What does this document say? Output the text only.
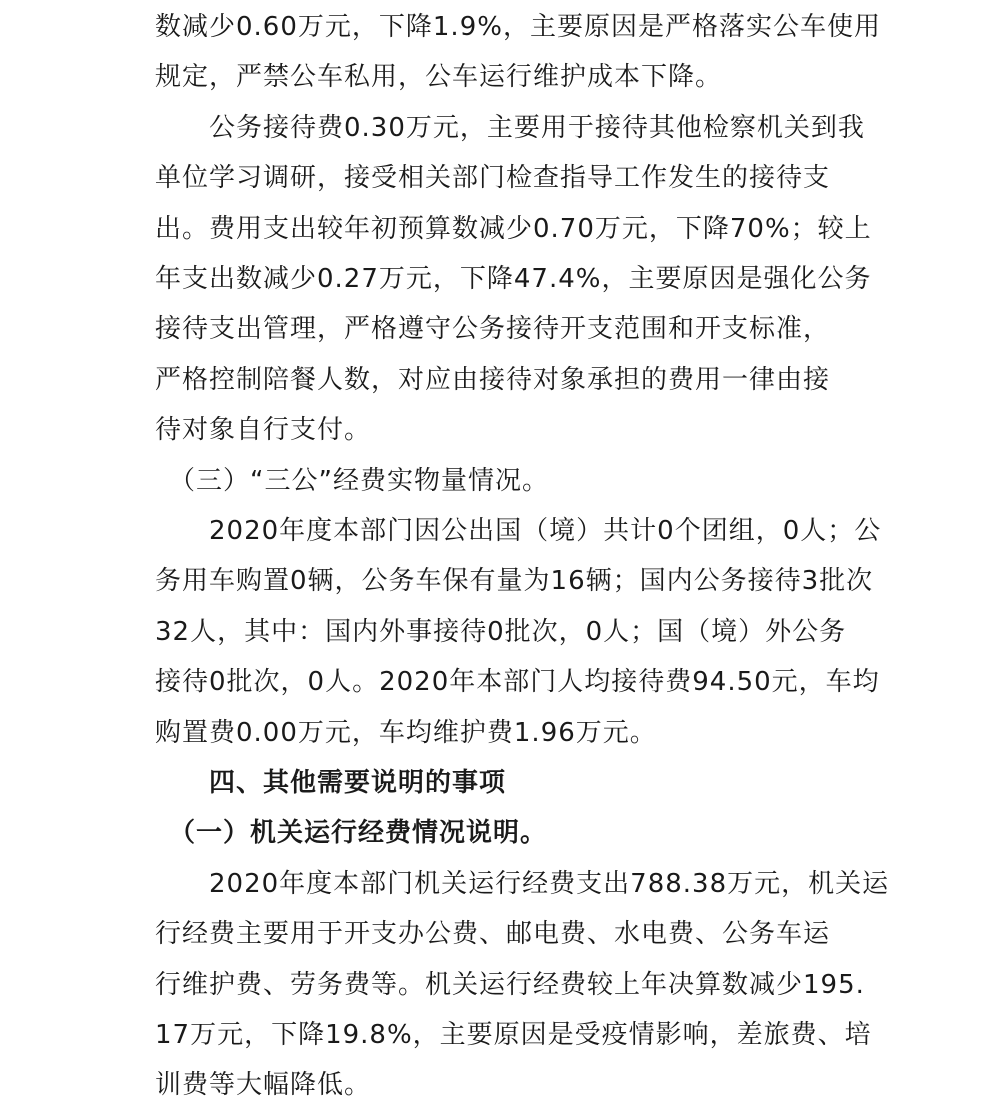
数减少0.60万元，下降1.9%，主要原因是严格落实公车使用
规定，严禁公车私用，公车运行维护成本下降。
　　公务接待费0.30万元，主要用于接待其他检察机关到我
单位学习调研，接受相关部门检查指导工作发生的接待支
出。费用支出较年初预算数减少0.70万元，下降70%；较上
年支出数减少0.27万元，下降47.4%，主要原因是强化公务
接待支出管理，严格遵守公务接待开支范围和开支标准，
严格控制陪餐人数，对应由接待对象承担的费用一律由接
待对象自行支付。
　（三）“三公”经费实物量情况。
　　2020年度本部门因公出国（境）共计0个团组，0人；公
务用车购置0辆，公务车保有量为16辆；国内公务接待3批次
32人，其中：国内外事接待0批次，0人；国（境）外公务
接待0批次，0人。2020年本部门人均接待费94.50元，车均
购置费0.00万元，车均维护费1.96万元。
　　四、其他需要说明的事项
　（一）机关运行经费情况说明。
　　2020年度本部门机关运行经费支出788.38万元，机关运
行经费主要用于开支办公费、邮电费、水电费、公务车运
行维护费、劳务费等。机关运行经费较上年决算数减少195.
17万元，下降19.8%，主要原因是受疫情影响，差旅费、培
训费等大幅降低。
